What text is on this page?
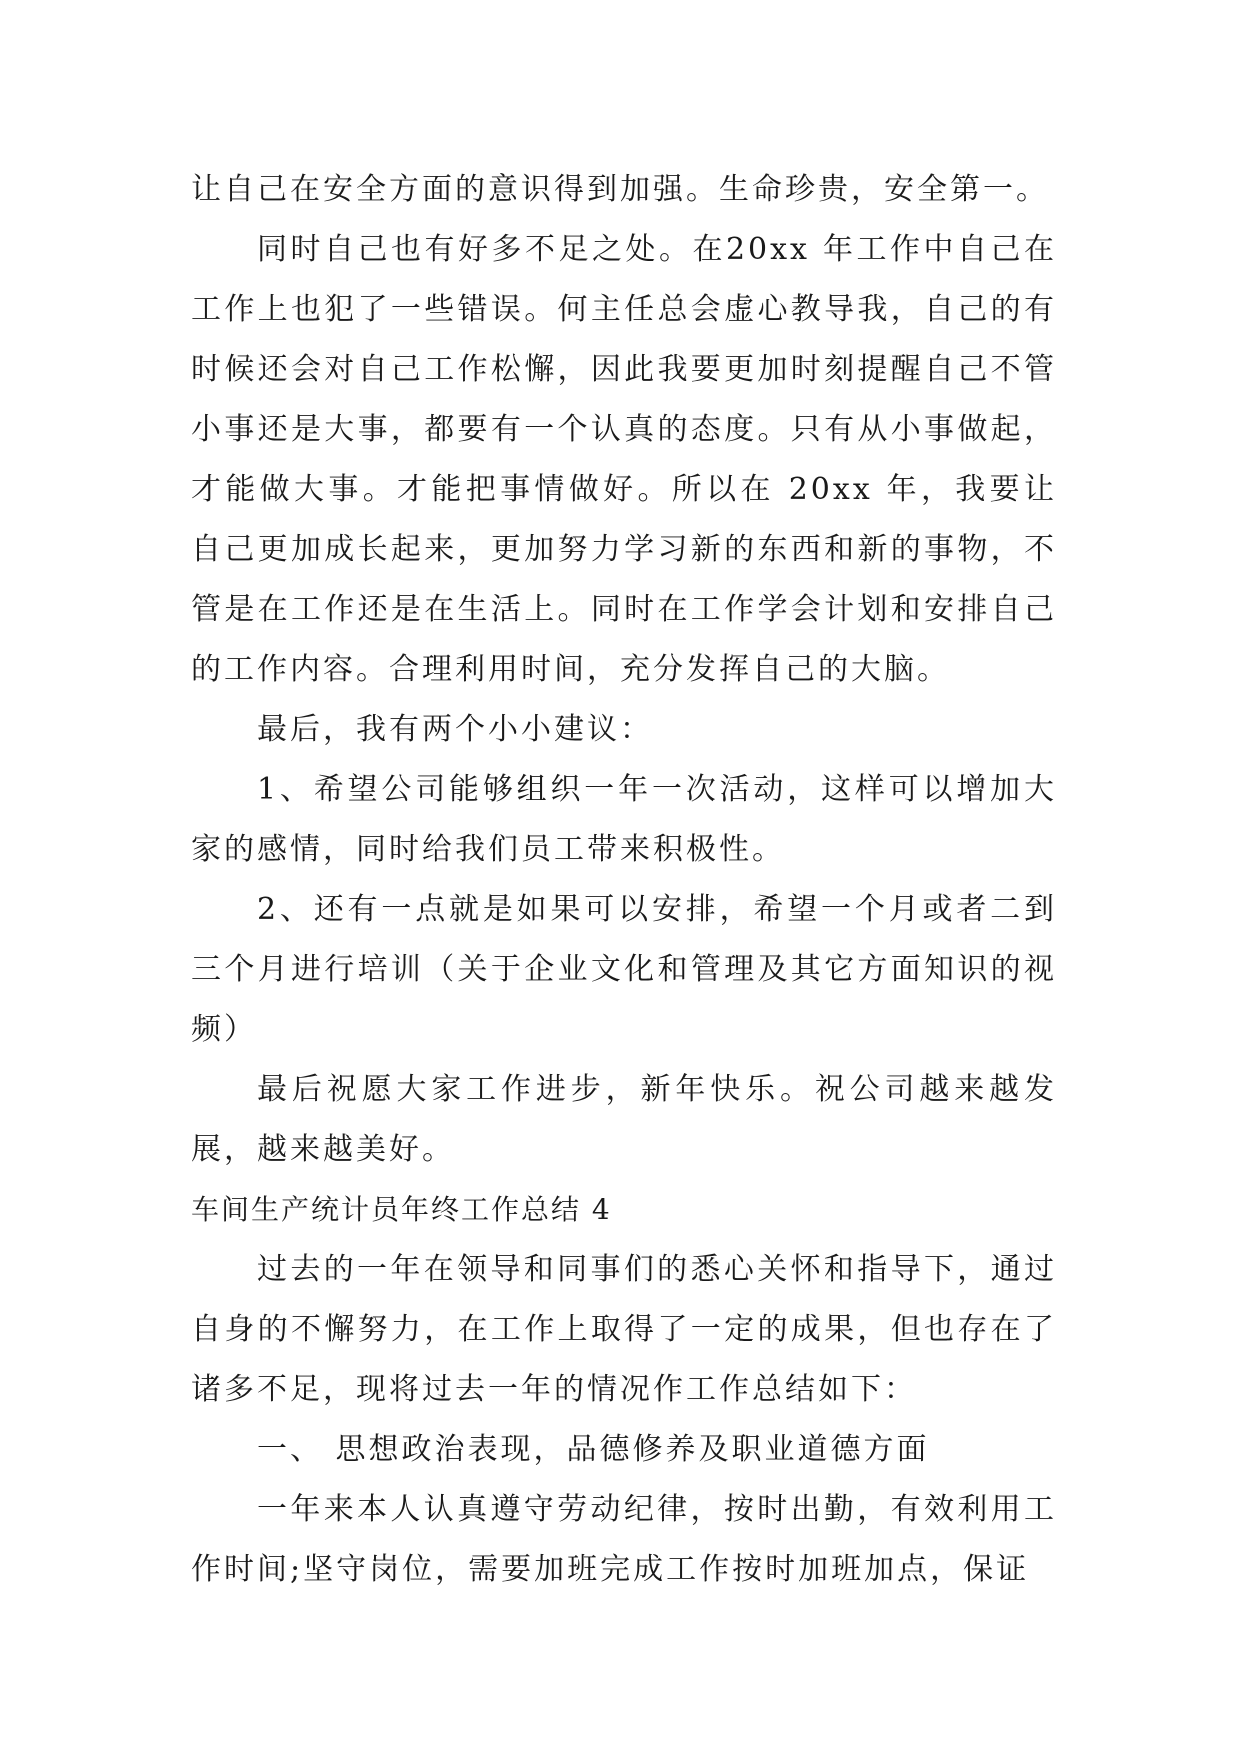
让自己在安全方面的意识得到加强。生命珍贵，安全第一。

同时自己也有好多不足之处。在20xx 年工作中自己在工作上也犯了一些错误。何主任总会虚心教导我，自己的有时候还会对自己工作松懈，因此我要更加时刻提醒自己不管小事还是大事，都要有一个认真的态度。只有从小事做起，才能做大事。才能把事情做好。所以在 20xx 年，我要让自己更加成长起来，更加努力学习新的东西和新的事物，不管是在工作还是在生活上。同时在工作学会计划和安排自己的工作内容。合理利用时间，充分发挥自己的大脑。

最后，我有两个小小建议：

1、希望公司能够组织一年一次活动，这样可以增加大家的感情，同时给我们员工带来积极性。

2、还有一点就是如果可以安排，希望一个月或者二到三个月进行培训（关于企业文化和管理及其它方面知识的视频）

最后祝愿大家工作进步，新年快乐。祝公司越来越发展，越来越美好。

车间生产统计员年终工作总结 4

过去的一年在领导和同事们的悉心关怀和指导下，通过自身的不懈努力，在工作上取得了一定的成果，但也存在了诸多不足，现将过去一年的情况作工作总结如下：

一、 思想政治表现，品德修养及职业道德方面

一年来本人认真遵守劳动纪律，按时出勤，有效利用工作时间;坚守岗位，需要加班完成工作按时加班加点，保证
